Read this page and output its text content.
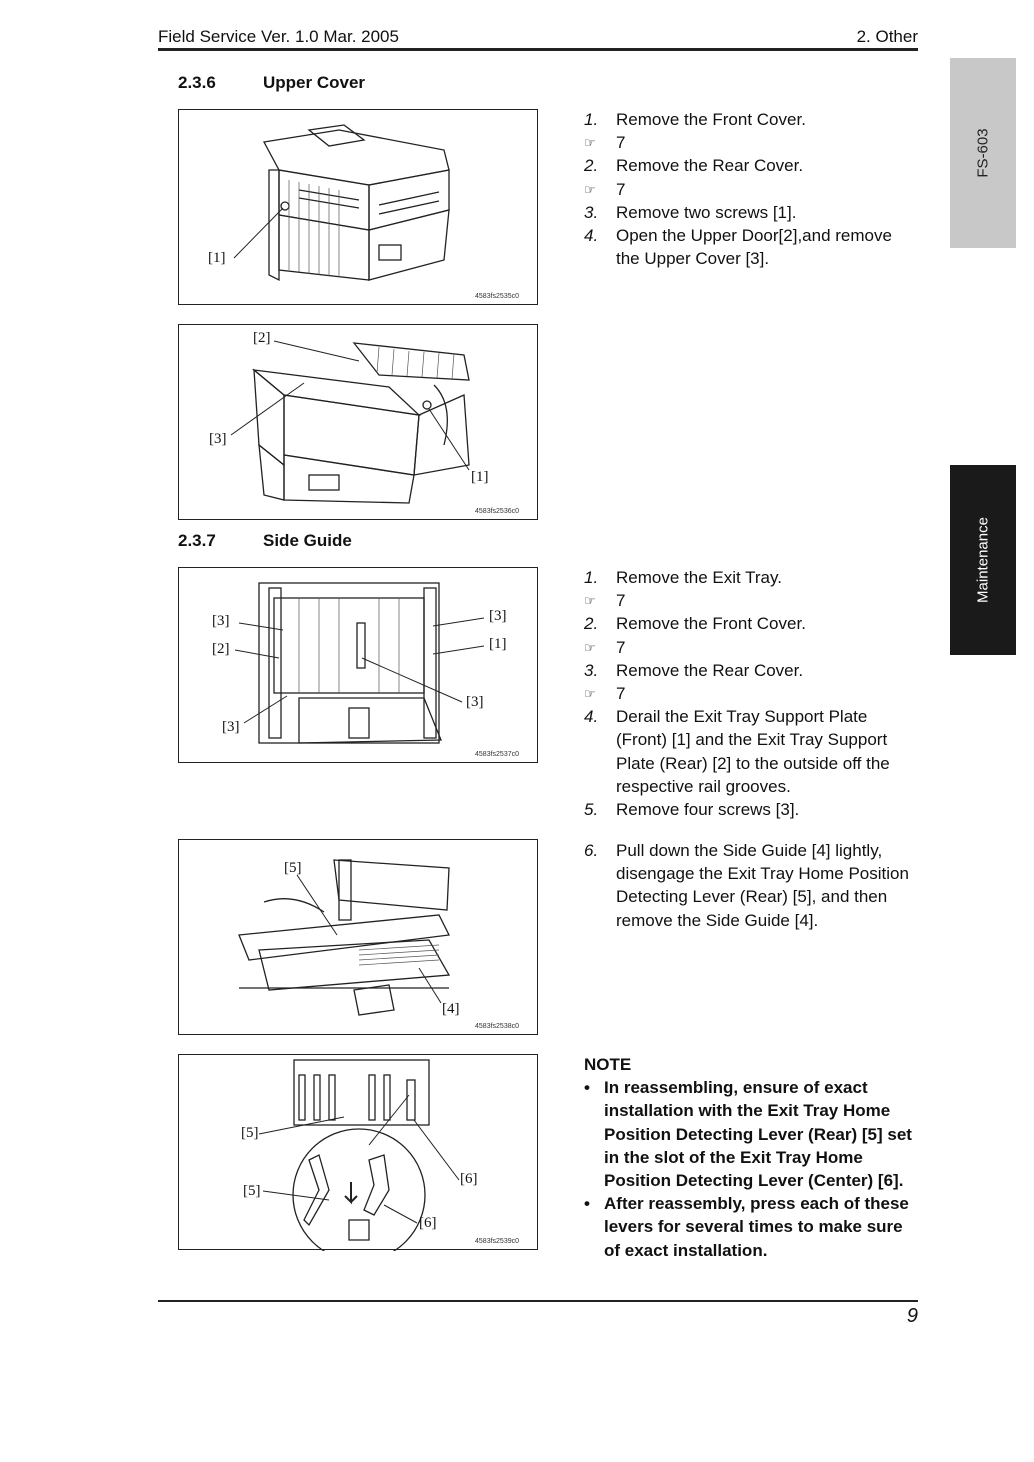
Field Service Ver. 1.0 Mar. 2005	2. Other
FS-603
Maintenance
2.3.6	Upper Cover
[1]
4583fs2535c0
[2]
[3]
[1]
4583fs2536c0
1.	Remove the Front Cover.
☞	7
2.	Remove the Rear Cover.
☞	7
3.	Remove two screws [1].
4.	Open the Upper Door[2],and remove the Upper Cover [3].
2.3.7	Side Guide
[3]
[2]
[3]
[3]
[1]
[3]
4583fs2537c0
1.	Remove the Exit Tray.
☞	7
2.	Remove the Front Cover.
☞	7
3.	Remove the Rear Cover.
☞	7
4.	Derail the Exit Tray Support Plate (Front) [1] and the Exit Tray Support Plate (Rear) [2] to the outside off the respective rail grooves.
5.	Remove four screws [3].
[5]
[4]
4583fs2538c0
6.	Pull down the Side Guide [4] lightly, disengage the Exit Tray Home Position Detecting Lever (Rear) [5], and then remove the Side Guide [4].
[5]
[5]
[6]
[6]
4583fs2539c0
NOTE
• In reassembling, ensure of exact installation with the Exit Tray Home Position Detecting Lever (Rear) [5] set in the slot of the Exit Tray Home Position Detecting Lever (Center) [6].
• After reassembly, press each of these levers for several times to make sure of exact installation.
9
